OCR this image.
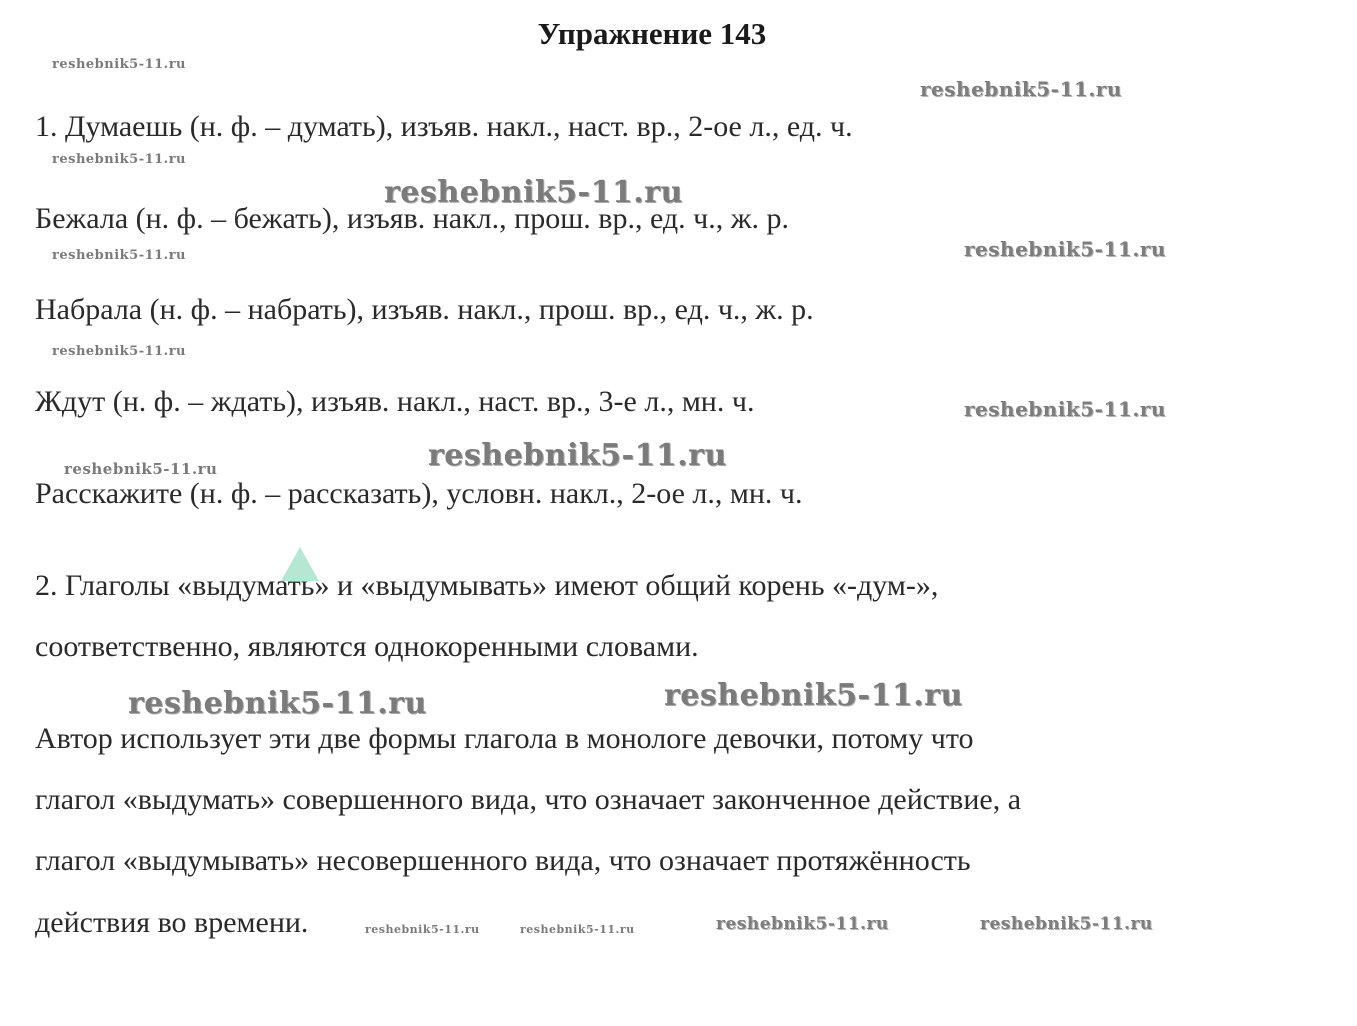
Упражнение 143
1. Думаешь (н. ф. – думать), изъяв. накл., наст. вр., 2-ое л., ед. ч.
Бежала (н. ф. – бежать), изъяв. накл., прош. вр., ед. ч., ж. р.
Набрала (н. ф. – набрать), изъяв. накл., прош. вр., ед. ч., ж. р.
Ждут (н. ф. – ждать), изъяв. накл., наст. вр., 3-е л., мн. ч.
Расскажите (н. ф. – рассказать), условн. накл., 2-ое л., мн. ч.
2. Глаголы «выдумать» и «выдумывать» имеют общий корень «-дум-»,
соответственно, являются однокоренными словами.
Автор использует эти две формы глагола в монологе девочки, потому что
глагол «выдумать» совершенного вида, что означает законченное действие, а
глагол «выдумывать» несовершенного вида, что означает протяжённость
действия во времени.
reshebnik5-11.ru
reshebnik5-11.ru
reshebnik5-11.ru
reshebnik5-11.ru
reshebnik5-11.ru
reshebnik5-11.ru
reshebnik5-11.ru
reshebnik5-11.ru
reshebnik5-11.ru
reshebnik5-11.ru
reshebnik5-11.ru	reshebnik5-11.ru
reshebnik5-11.ru	reshebnik5-11.ru	reshebnik5-11.ru	reshebnik5-11.ru
